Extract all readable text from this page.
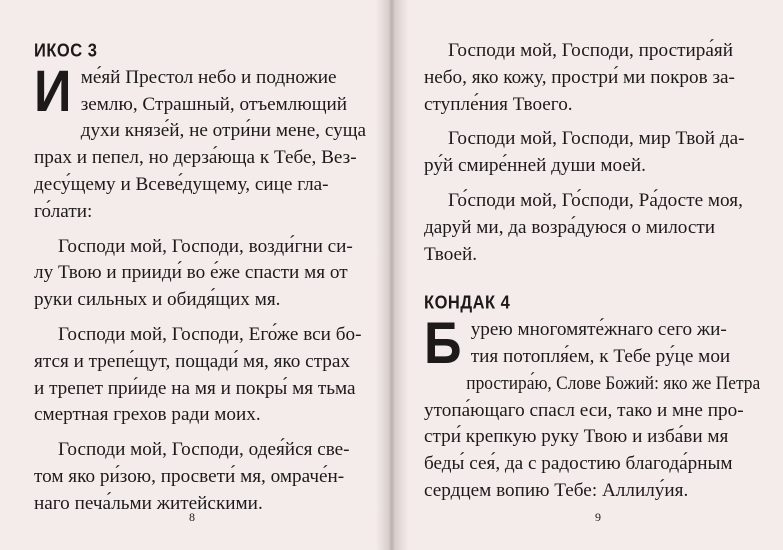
ИКОС 3
И ме́яй Престол небо и подножие
землю, Страшный, отъемлющий
духи князе́й, не отри́ни мене, суща
прах и пепел, но дерза́юща к Тебе, Вез-
десу́щему и Всеве́дущему, сице гла-
го́лати:
Господи мой, Господи, возди́гни си-
лу Твою и прииди́ во е́же спасти мя от
руки сильных и обидя́щих мя.
Господи мой, Господи, Его́же вси бо-
ятся и трепе́щут, пощади́ мя, яко страх
и трепет при́иде на мя и покры́ мя тьма
смертная грехов ради моих.
Господи мой, Господи, одея́йся све-
том яко ри́зою, просвети́ мя, омраче́н-
наго печа́льми житейскими.
8
Господи мой, Господи, простира́яй
небо, яко кожу, простри́ ми покров за-
ступле́ния Твоего.
Господи мой, Господи, мир Твой да-
ру́й смире́нней души моей.
Го́споди мой, Го́споди, Ра́досте моя,
даруй ми, да возра́дуюся о милости
Твоей.
КОНДАК 4
Б урею многомяте́жнаго сего жи-
тия потопля́ем, к Тебе ру́це мои
простира́ю, Слове Божий: яко же Петра
утопа́ющаго спасл еси, тако и мне про-
стри́ крепкую руку Твою и изба́ви мя
беды́ сея́, да с радостию благода́рным
сердцем вопию Тебе: Аллилу́ия.
9
